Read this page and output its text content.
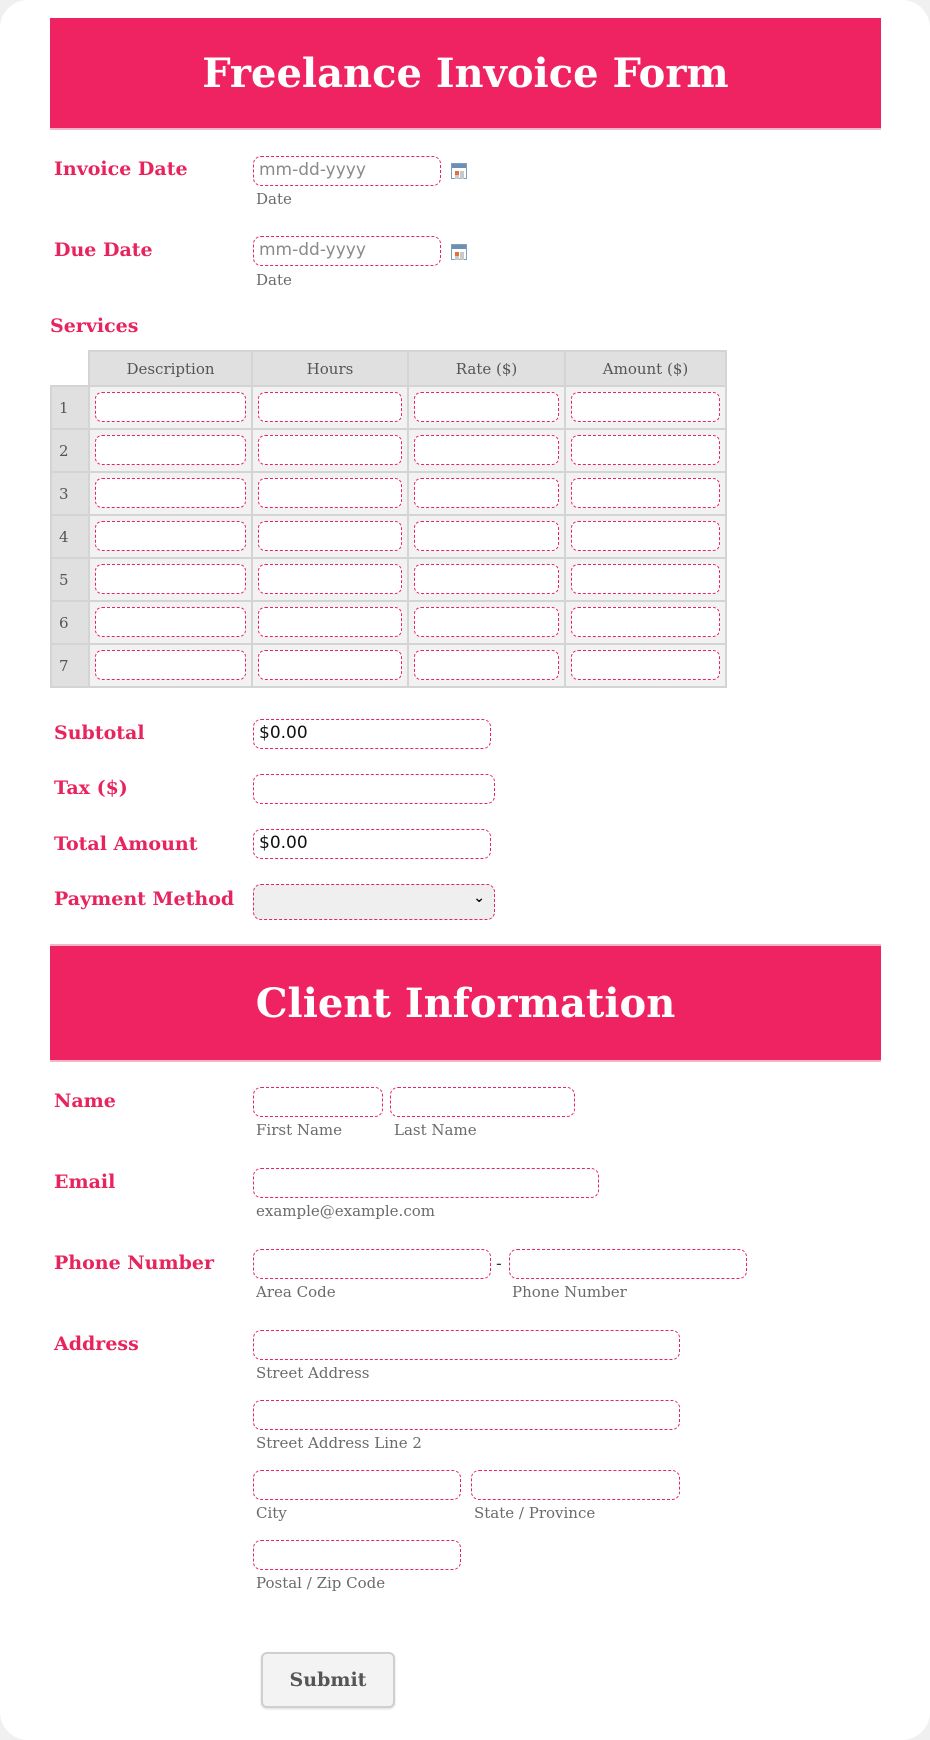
Freelance Invoice Form
Invoice Date	mm-dd-yyyy
Date
Due Date	mm-dd-yyyy
Date
Services
	Description	Hours	Rate ($)	Amount ($)
1	

2	

3	

4	

5	

6	

7	

Subtotal	$0.00
Tax ($)
Total Amount	$0.00
Payment Method	⌄
Client Information
Name
First Name	Last Name
Email
example@example.com
Phone Number	-
Area Code	Phone Number
Address
Street Address
Street Address Line 2
City	State / Province
Postal / Zip Code
Submit
